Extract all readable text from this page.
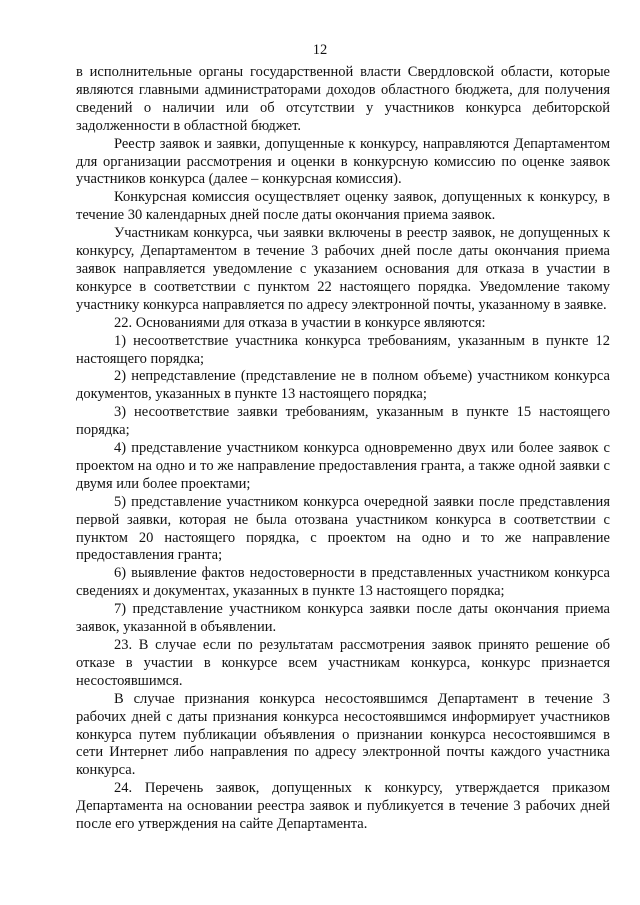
12

в исполнительные органы государственной власти Свердловской области, которые являются главными администраторами доходов областного бюджета, для получения сведений о наличии или об отсутствии у участников конкурса дебиторской задолженности в областной бюджет.

Реестр заявок и заявки, допущенные к конкурсу, направляются Департаментом для организации рассмотрения и оценки в конкурсную комиссию по оценке заявок участников конкурса (далее – конкурсная комиссия).

Конкурсная комиссия осуществляет оценку заявок, допущенных к конкурсу, в течение 30 календарных дней после даты окончания приема заявок.

Участникам конкурса, чьи заявки включены в реестр заявок, не допущенных к конкурсу, Департаментом в течение 3 рабочих дней после даты окончания приема заявок направляется уведомление с указанием основания для отказа в участии в конкурсе в соответствии с пунктом 22 настоящего порядка. Уведомление такому участнику конкурса направляется по адресу электронной почты, указанному в заявке.

22. Основаниями для отказа в участии в конкурсе являются:

1) несоответствие участника конкурса требованиям, указанным в пункте 12 настоящего порядка;

2) непредставление (представление не в полном объеме) участником конкурса документов, указанных в пункте 13 настоящего порядка;

3) несоответствие заявки требованиям, указанным в пункте 15 настоящего порядка;

4) представление участником конкурса одновременно двух или более заявок с проектом на одно и то же направление предоставления гранта, а также одной заявки с двумя или более проектами;

5) представление участником конкурса очередной заявки после представления первой заявки, которая не была отозвана участником конкурса в соответствии с пунктом 20 настоящего порядка, с проектом на одно и то же направление предоставления гранта;

6) выявление фактов недостоверности в представленных участником конкурса сведениях и документах, указанных в пункте 13 настоящего порядка;

7) представление участником конкурса заявки после даты окончания приема заявок, указанной в объявлении.

23. В случае если по результатам рассмотрения заявок принято решение об отказе в участии в конкурсе всем участникам конкурса, конкурс признается несостоявшимся.

В случае признания конкурса несостоявшимся Департамент в течение 3 рабочих дней с даты признания конкурса несостоявшимся информирует участников конкурса путем публикации объявления о признании конкурса несостоявшимся в сети Интернет либо направления по адресу электронной почты каждого участника конкурса.

24. Перечень заявок, допущенных к конкурсу, утверждается приказом Департамента на основании реестра заявок и публикуется в течение 3 рабочих дней после его утверждения на сайте Департамента.
